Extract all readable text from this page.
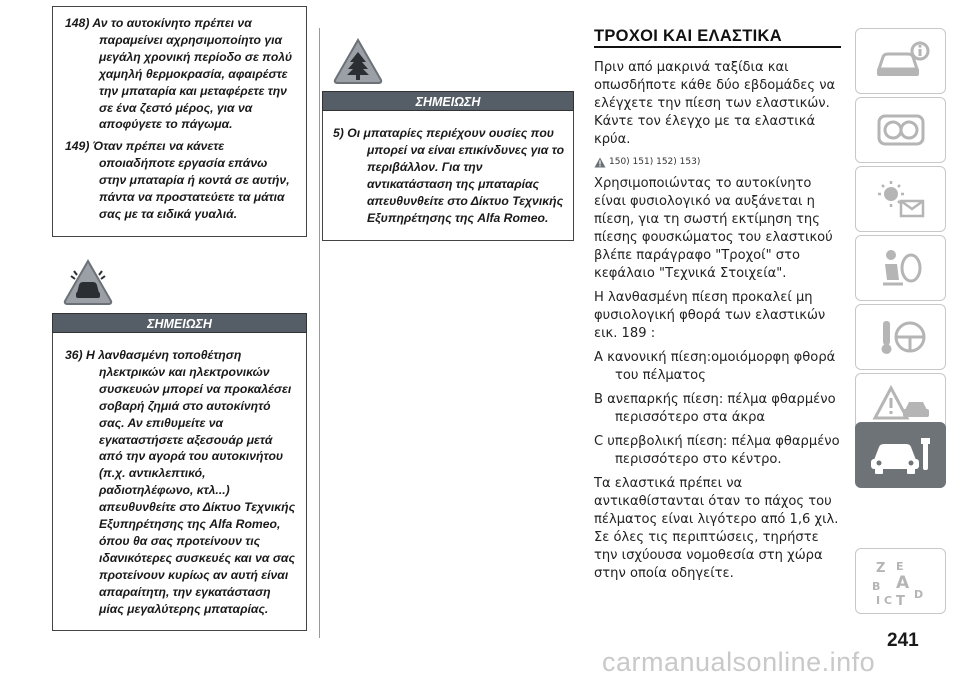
148) Αν το αυτοκίνητο πρέπει να παραμείνει αχρησιμοποίητο για μεγάλη χρονική περίοδο σε πολύ χαμηλή θερμοκρασία, αφαιρέστε την μπαταρία και μεταφέρετε την σε ένα ζεστό μέρος, για να αποφύγετε το πάγωμα.

149) Όταν πρέπει να κάνετε οποιαδήποτε εργασία επάνω στην μπαταρία ή κοντά σε αυτήν, πάντα να προστατεύετε τα μάτια σας με τα ειδικά γυαλιά.

ΣΗΜΕΙΩΣΗ

36) Η λανθασμένη τοποθέτηση ηλεκτρικών και ηλεκτρονικών συσκευών μπορεί να προκαλέσει σοβαρή ζημιά στο αυτοκίνητό σας. Αν επιθυμείτε να εγκαταστήσετε αξεσουάρ μετά από την αγορά του αυτοκινήτου (π.χ. αντικλεπτικό, ραδιοτηλέφωνο, κτλ...) απευθυνθείτε στο Δίκτυο Τεχνικής Εξυπηρέτησης της Alfa Romeo, όπου θα σας προτείνουν τις ιδανικότερες συσκευές και να σας προτείνουν κυρίως αν αυτή είναι απαραίτητη, την εγκατάσταση μίας μεγαλύτερης μπαταρίας.

ΣΗΜΕΙΩΣΗ

5) Οι μπαταρίες περιέχουν ουσίες που μπορεί να είναι επικίνδυνες για το περιβάλλον. Για την αντικατάσταση της μπαταρίας απευθυνθείτε στο Δίκτυο Τεχνικής Εξυπηρέτησης της Alfa Romeo.

ΤΡΟΧΟΙ ΚΑΙ ΕΛΑΣΤΙΚΑ

Πριν από μακρινά ταξίδια και οπωσδήποτε κάθε δύο εβδομάδες να ελέγχετε την πίεση των ελαστικών. Κάντε τον έλεγχο με τα ελαστικά κρύα.

150) 151) 152) 153)

Χρησιμοποιώντας το αυτοκίνητο είναι φυσιολογικό να αυξάνεται η πίεση, για τη σωστή εκτίμηση της πίεσης φουσκώματος του ελαστικού βλέπε παράγραφο "Τροχοί" στο κεφάλαιο "Τεχνικά Στοιχεία".

Η λανθασμένη πίεση προκαλεί μη φυσιολογική φθορά των ελαστικών εικ. 189 :

A κανονική πίεση:ομοιόμορφη φθορά του πέλματος

B ανεπαρκής πίεση: πέλμα φθαρμένο περισσότερο στα άκρα

C υπερβολική πίεση: πέλμα φθαρμένο περισσότερο στο κέντρο.

Τα ελαστικά πρέπει να αντικαθίστανται όταν το πάχος του πέλματος είναι λιγότερο από 1,6 χιλ. Σε όλες τις περιπτώσεις, τηρήστε την ισχύουσα νομοθεσία στη χώρα στην οποία οδηγείτε.	Z E
B A
I C T D
241
carmanualsonline.info
